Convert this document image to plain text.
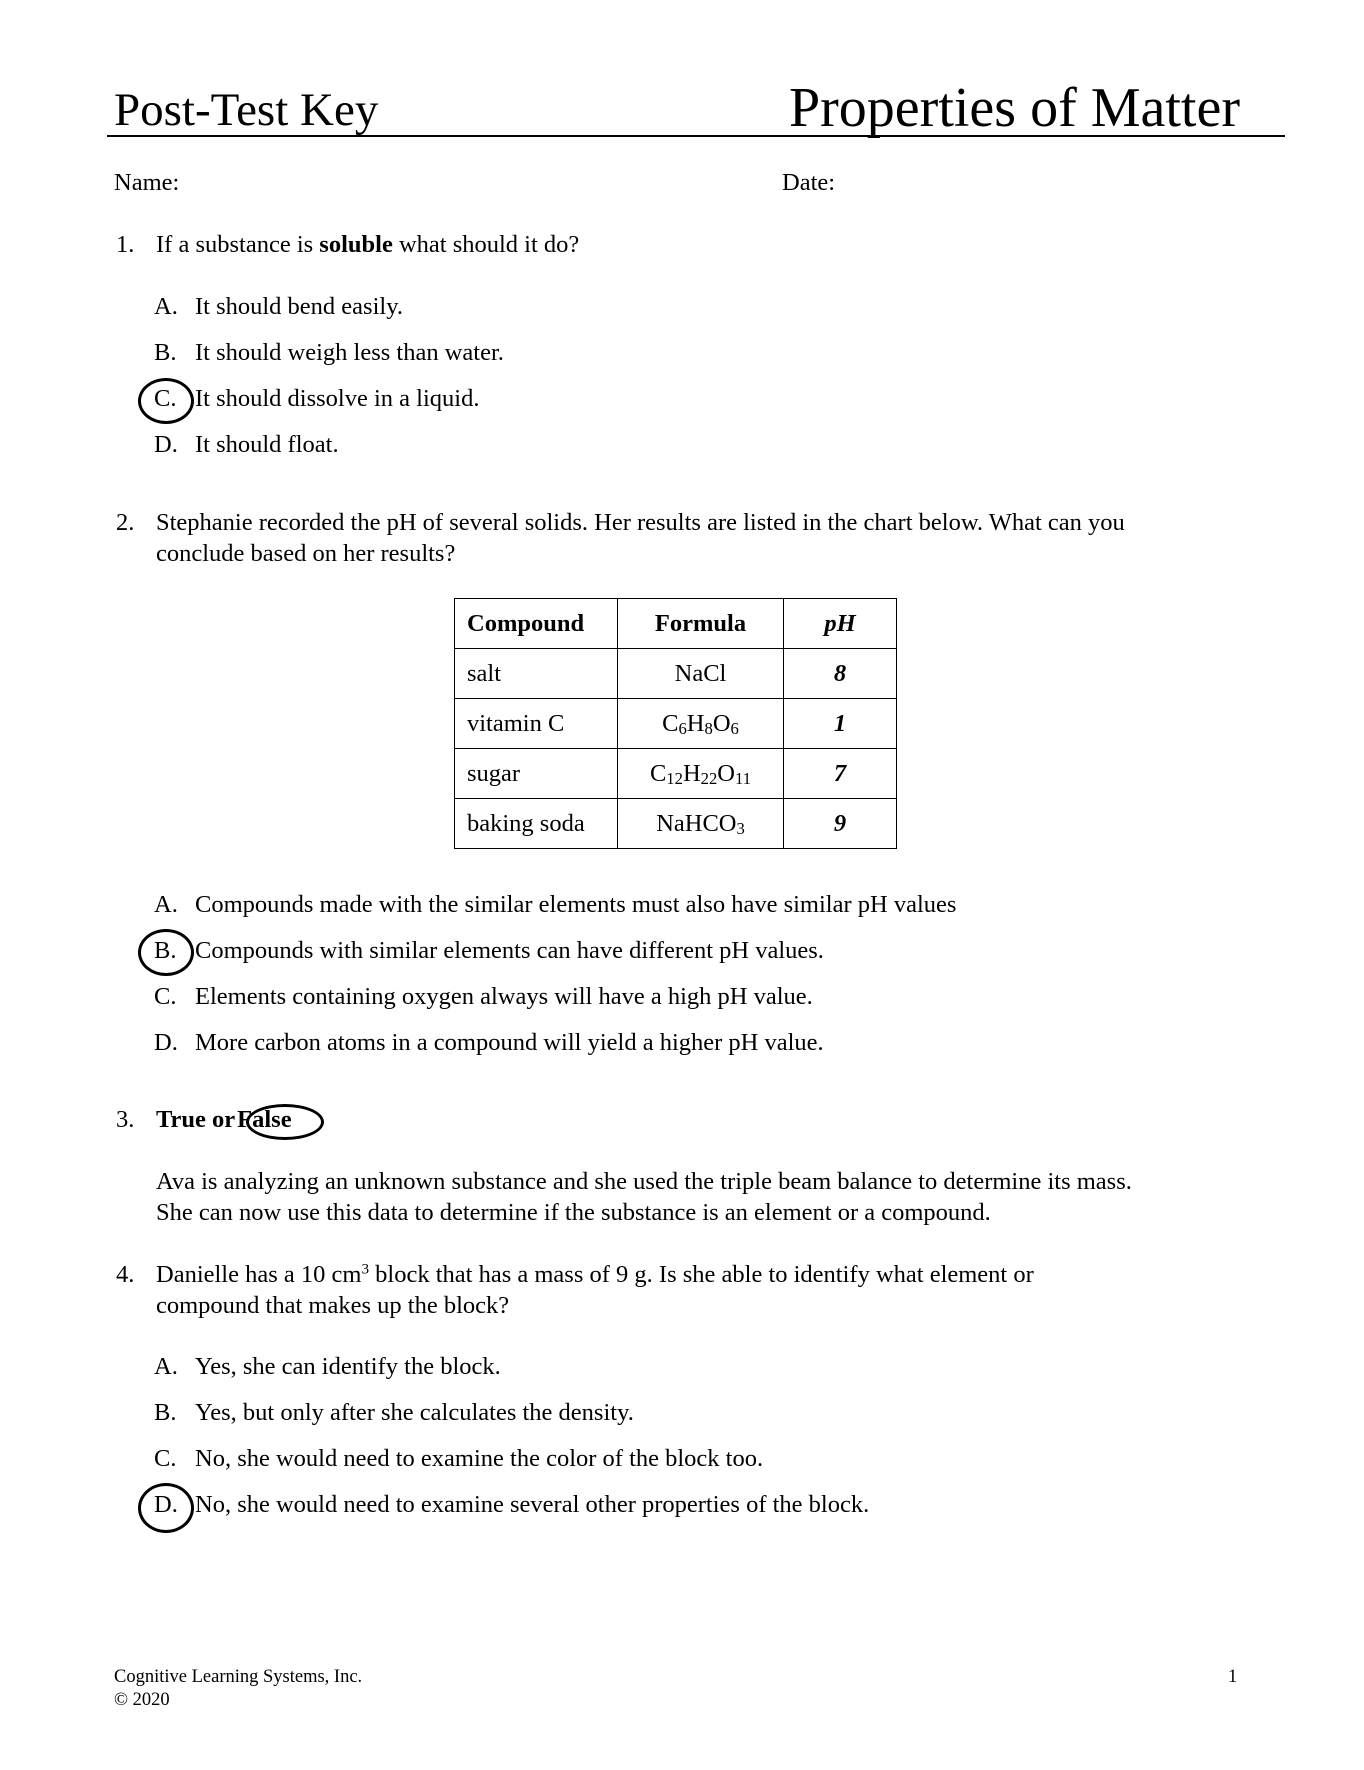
Post-Test Key	Properties of Matter
Name:	Date:
1. If a substance is soluble what should it do?
A. It should bend easily.
B. It should weigh less than water.
C. It should dissolve in a liquid.
D. It should float.
2. Stephanie recorded the pH of several solids. Her results are listed in the chart below. What can you
conclude based on her results?
Compound	Formula	pH
salt	NaCl	8
vitamin C	$C_6H_8O_6$	1
sugar	$C_{12}H_{22}O_{11}$	7
baking soda	NaHCO$_3$	9
A. Compounds made with the similar elements must also have similar pH values
B. Compounds with similar elements can have different pH values.
C. Elements containing oxygen always will have a high pH value.
D. More carbon atoms in a compound will yield a higher pH value.
3. True orFalse
Ava is analyzing an unknown substance and she used the triple beam balance to determine its mass.
She can now use this data to determine if the substance is an element or a compound.
4. Danielle has a 10 $cm^3$ block that has a mass of 9 g. Is she able to identify what element or
compound that makes up the block?
A. Yes, she can identify the block.
B. Yes, but only after she calculates the density.
C. No, she would need to examine the color of the block too.
D. No, she would need to examine several other properties of the block.
Cognitive Learning Systems, Inc.
© 2020
1
